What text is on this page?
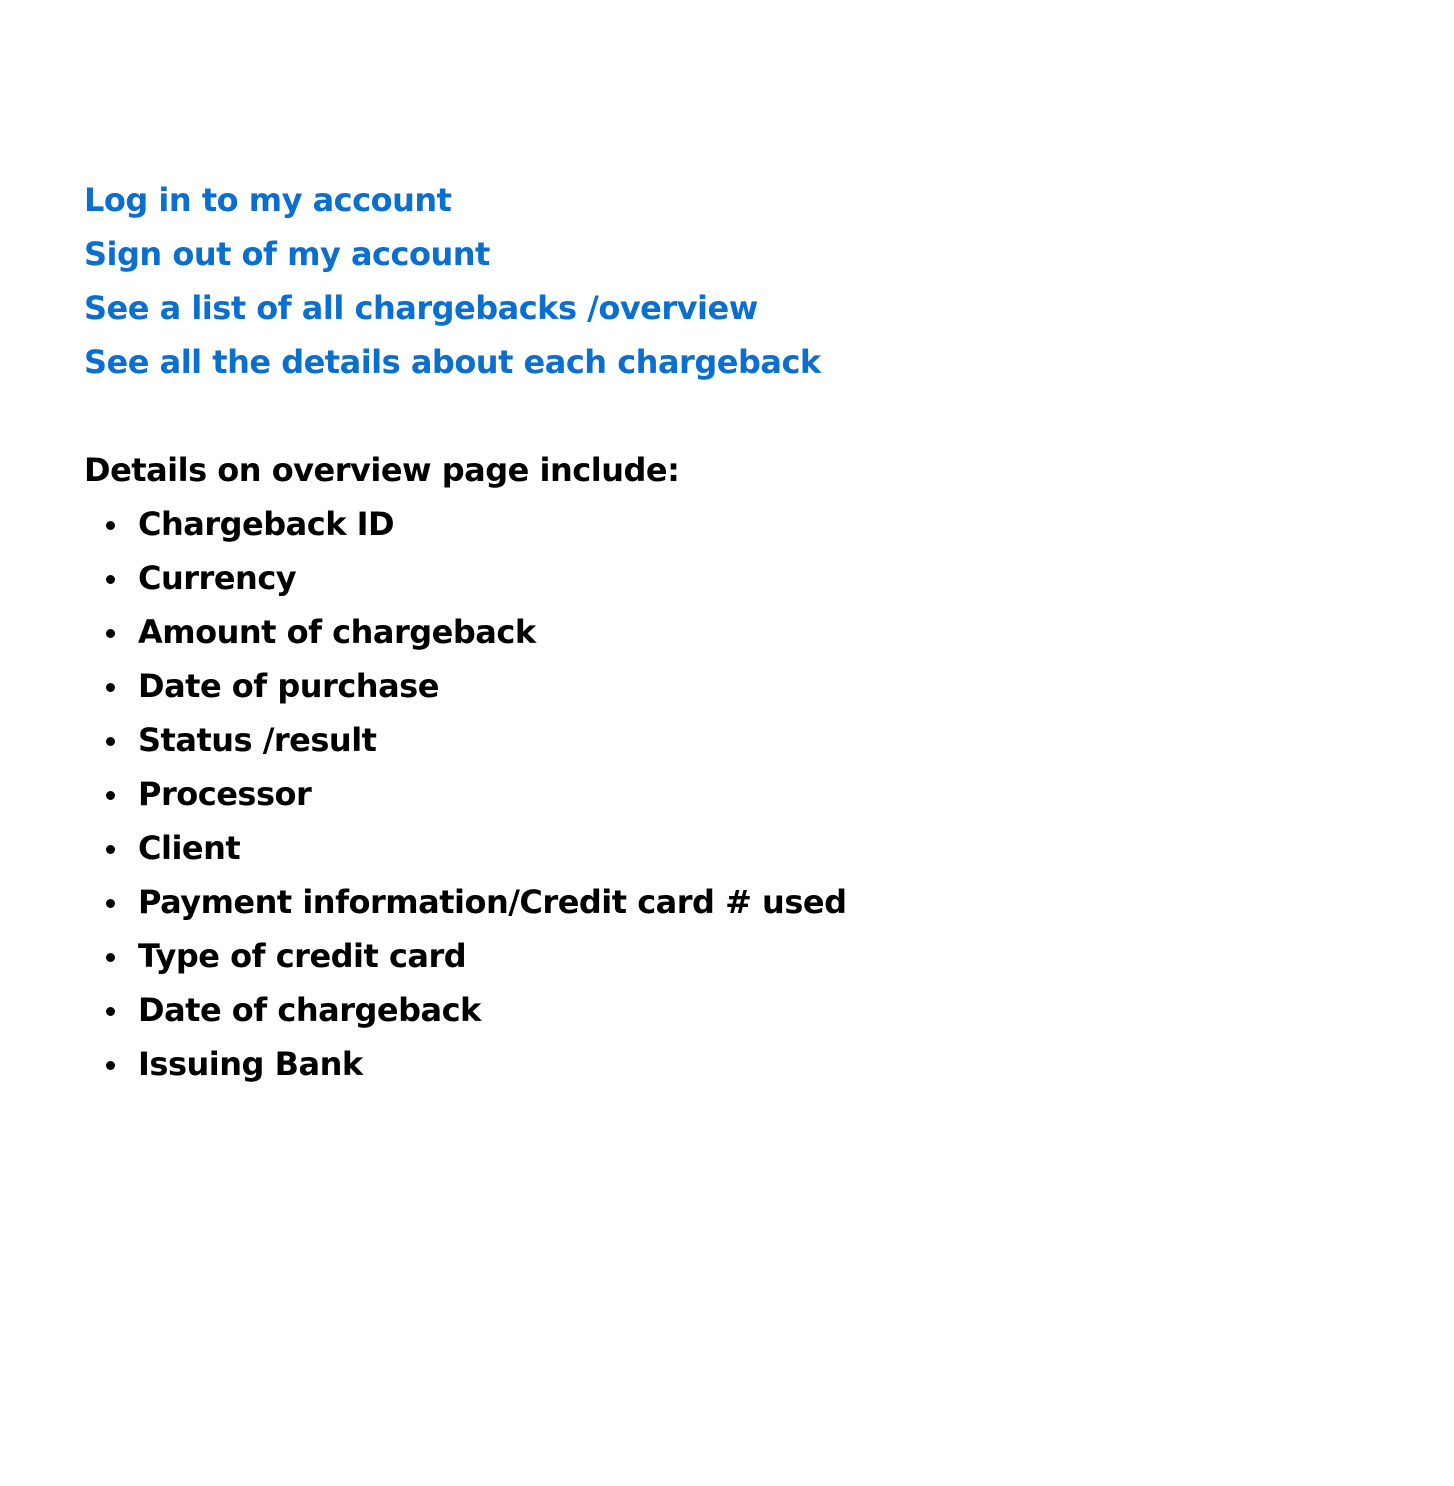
Log in to my account
Sign out of my account
See a list of all chargebacks /overview
See all the details about each chargeback
Details on overview page include:
Chargeback ID
Currency
Amount of chargeback
Date of purchase
Status /result
Processor
Client
Payment information/Credit card # used
Type of credit card
Date of chargeback
Issuing Bank
